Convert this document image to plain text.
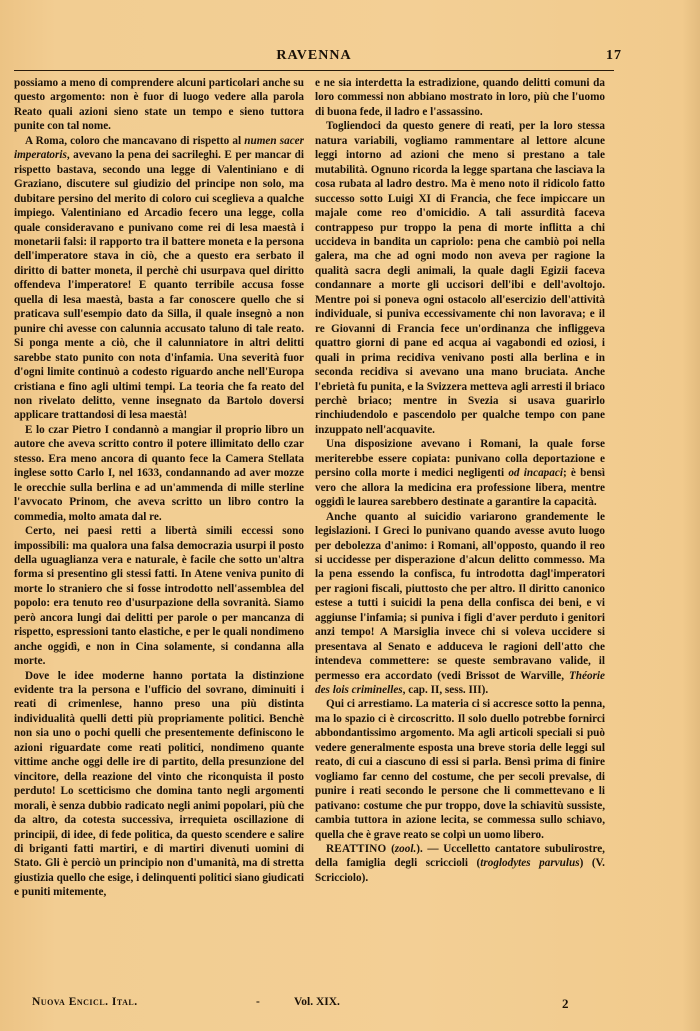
RAVENNA	17

possiamo a meno di comprendere alcuni particolari anche su questo argomento: non è fuor di luogo vedere alla parola Reato quali azioni sieno state un tempo e sieno tuttora punite con tal nome.

A Roma, coloro che mancavano di rispetto al numen sacer imperatoris, avevano la pena dei sacrileghi. E per mancar di rispetto bastava, secondo una legge di Valentiniano e di Graziano, discutere sul giudizio del principe non solo, ma dubitare persino del merito di coloro cui sceglieva a qualche impiego. Valentiniano ed Arcadio fecero una legge, colla quale consideravano e punivano come rei di lesa maestà i monetarii falsi: il rapporto tra il battere moneta e la persona dell'imperatore stava in ciò, che a questo era serbato il diritto di batter moneta, il perchè chi usurpava quel diritto offendeva l'imperatore! E quanto terribile accusa fosse quella di lesa maestà, basta a far conoscere quello che si praticava sull'esempio dato da Silla, il quale insegnò a non punire chi avesse con calunnia accusato taluno di tale reato. Si ponga mente a ciò, che il calunniatore in altri delitti sarebbe stato punito con nota d'infamia. Una severità fuor d'ogni limite continuò a codesto riguardo anche nell'Europa cristiana e fino agli ultimi tempi. La teoria che fa reato del non rivelato delitto, venne insegnato da Bartolo doversi applicare trattandosi di lesa maestà!

E lo czar Pietro I condannò a mangiar il proprio libro un autore che aveva scritto contro il potere illimitato dello czar stesso. Era meno ancora di quanto fece la Camera Stellata inglese sotto Carlo I, nel 1633, condannando ad aver mozze le orecchie sulla berlina e ad un'ammenda di mille sterline l'avvocato Prinom, che aveva scritto un libro contro la commedia, molto amata dal re.

Certo, nei paesi retti a libertà simili eccessi sono impossibili: ma qualora una falsa democrazia usurpi il posto della uguaglianza vera e naturale, è facile che sotto un'altra forma si presentino gli stessi fatti. In Atene veniva punito di morte lo straniero che si fosse introdotto nell'assemblea del popolo: era tenuto reo d'usurpazione della sovranità. Siamo però ancora lungi dai delitti per parole o per mancanza di rispetto, espressioni tanto elastiche, e per le quali nondimeno anche oggidì, e non in Cina solamente, si condanna alla morte.

Dove le idee moderne hanno portata la distinzione evidente tra la persona e l'ufficio del sovrano, diminuiti i reati di crimenlese, hanno preso una più distinta individualità quelli detti più propriamente politici. Benchè non sia uno o pochi quelli che presentemente definiscono le azioni riguardate come reati politici, nondimeno quante vittime anche oggi delle ire di partito, della presunzione del vincitore, della reazione del vinto che riconquista il posto perduto! Lo scetticismo che domina tanto negli argomenti morali, è senza dubbio radicato negli animi popolari, più che da altro, da cotesta successiva, irrequieta oscillazione di principii, di idee, di fede politica, da questo scendere e salire di briganti fatti martiri, e di martiri divenuti uomini di Stato. Gli è perciò un principio non d'umanità, ma di stretta giustizia quello che esige, i delinquenti politici siano giudicati e puniti mitemente,

e ne sia interdetta la estradizione, quando delitti comuni da loro commessi non abbiano mostrato in loro, più che l'uomo di buona fede, il ladro e l'assassino.

Togliendoci da questo genere di reati, per la loro stessa natura variabili, vogliamo rammentare al lettore alcune leggi intorno ad azioni che meno si prestano a tale mutabilità. Ognuno ricorda la legge spartana che lasciava la cosa rubata al ladro destro. Ma è meno noto il ridicolo fatto successo sotto Luigi XI di Francia, che fece impiccare un majale come reo d'omicidio. A tali assurdità faceva contrappeso pur troppo la pena di morte inflitta a chi uccideva in bandita un capriolo: pena che cambiò poi nella galera, ma che ad ogni modo non aveva per ragione la qualità sacra degli animali, la quale dagli Egizii faceva condannare a morte gli uccisori dell'ibi e dell'avoltojo. Mentre poi si poneva ogni ostacolo all'esercizio dell'attività individuale, si puniva eccessivamente chi non lavorava; e il re Giovanni di Francia fece un'ordinanza che infliggeva quattro giorni di pane ed acqua ai vagabondi ed oziosi, i quali in prima recidiva venivano posti alla berlina e in seconda recidiva si avevano una mano bruciata. Anche l'ebrietà fu punita, e la Svizzera metteva agli arresti il briaco perchè briaco; mentre in Svezia si usava guarirlo rinchiudendolo e pascendolo per qualche tempo con pane inzuppato nell'acquavite.

Una disposizione avevano i Romani, la quale forse meriterebbe essere copiata: punivano colla deportazione e persino colla morte i medici negligenti od incapaci; è bensì vero che allora la medicina era professione libera, mentre oggidì le laurea sarebbero destinate a garantire la capacità.

Anche quanto al suicidio variarono grandemente le legislazioni. I Greci lo punivano quando avesse avuto luogo per debolezza d'animo: i Romani, all'opposto, quando il reo si uccidesse per disperazione d'alcun delitto commesso. Ma la pena essendo la confisca, fu introdotta dagl'imperatori per ragioni fiscali, piuttosto che per altro. Il diritto canonico estese a tutti i suicidi la pena della confisca dei beni, e vi aggiunse l'infamia; si puniva i figli d'aver perduto i genitori anzi tempo! A Marsiglia invece chi si voleva uccidere si presentava al Senato e adduceva le ragioni dell'atto che intendeva commettere: se queste sembravano valide, il permesso era accordato (vedi Brissot de Warville, Théorie des lois criminelles, cap. II, sess. III).

Qui ci arrestiamo. La materia ci si accresce sotto la penna, ma lo spazio ci è circoscritto. Il solo duello potrebbe fornirci abbondantissimo argomento. Ma agli articoli speciali si può vedere generalmente esposta una breve storia delle leggi sul reato, di cui a ciascuno di essi si parla. Bensì prima di finire vogliamo far cenno del costume, che per secoli prevalse, di punire i reati secondo le persone che li commettevano e li pativano: costume che pur troppo, dove la schiavitù sussiste, cambia tuttora in azione lecita, se commessa sullo schiavo, quella che è grave reato se colpì un uomo libero.

REATTINO (zool.). — Uccelletto cantatore subulirostre, della famiglia degli scriccioli (troglodytes parvulus) (V. Scricciolo).

Nuova Encicl. Ital.	-	Vol. XIX.	2
